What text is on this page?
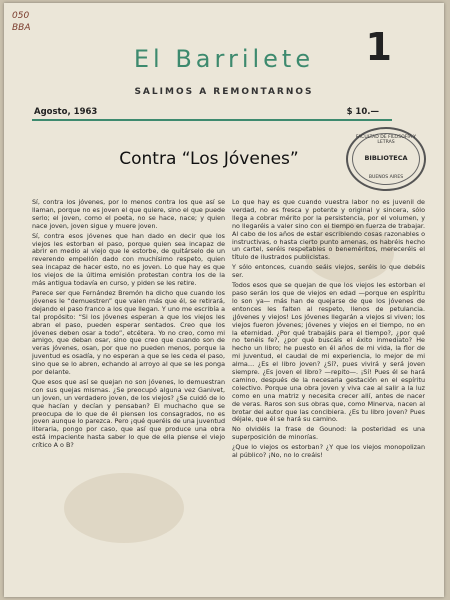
050
BBA
El Barrilete	1
SALIMOS A REMONTARNOS
Agosto, 1963	$ 10.—
FACULTAD DE FILOSOFÍA Y LETRAS
BIBLIOTECA
BUENOS AIRES
Contra “Los Jóvenes”

Sí, contra los jóvenes, por lo menos contra los que así se llaman, porque no es joven el que quiere, sino el que puede serlo; el joven, como el poeta, no se hace, nace; y quien nace joven, joven sigue y muere joven.

Sí, contra esos jóvenes que han dado en decir que los viejos les estorban el paso, porque quien sea incapaz de abrir en medio al viejo que le estorbe, de quitárselo de un reverendo empellón dado con muchísimo respeto, quien sea incapaz de hacer esto, no es joven. Lo que hay es que los viejos de la última emisión protestan contra los de la más antigua todavía en curso, y piden se les retire.

Parece ser que Fernández Bremón ha dicho que cuando los jóvenes le “demuestren” que valen más que él, se retirará, dejando el paso franco a los que llegan. Y uno me escribía a tal propósito: “Si los jóvenes esperan a que los viejos les abran el paso, pueden esperar sentados. Creo que los jóvenes deben osar a todo”, etcétera. Yo no creo, como mi amigo, que deban osar, sino que creo que cuando son de veras jóvenes, osan, por que no pueden menos, porque la juventud es osadía, y no esperan a que se les ceda el paso, sino que se lo abren, echando al arroyo al que se les ponga por delante.

Que esos que así se quejan no son jóvenes, lo demuestran con sus quejas mismas. ¿Se preocupó alguna vez Ganivet, un joven, un verdadero joven, de los viejos? ¿Se cuidó de lo que hacían y decían y pensaban? El muchacho que se preocupa de lo que de él piensen los consagrados, no es joven aunque lo parezca. Pero ¡qué queréis de una juventud literaria, pongo por caso, que así que produce una obra está impaciente hasta saber lo que de ella piense el viejo crítico A o B?

Lo que hay es que cuando vuestra labor no es juvenil de verdad, no es fresca y potente y original y sincera, sólo llega a cobrar mérito por la persistencia, por el volumen, y no llegaréis a valer sino con el tiempo en fuerza de trabajar. Al cabo de los años de estar escribiendo cosas razonables o instructivas, o hasta cierto punto amenas, os habréis hecho un cartel, seréis respetables o beneméritos, mereceréis el título de ilustrados publicistas.

Y sólo entonces, cuando seáis viejos, seréis lo que debéis ser.

Todos esos que se quejan de que los viejos les estorban el paso serán los que de viejos en edad —porque en espíritu lo son ya— más han de quejarse de que los jóvenes de entonces les falten al respeto, llenos de petulancia. ¡Jóvenes y viejos! Los jóvenes llegarán a viejos si viven; los viejos fueron jóvenes; jóvenes y viejos en el tiempo, no en la eternidad. ¿Por qué trabajáis para el tiempo?, ¿por qué no tenéis fe?, ¿por qué buscáis el éxito inmediato? He hecho un libro; he puesto en él años de mi vida, la flor de mi juventud, el caudal de mi experiencia, lo mejor de mi alma… ¿Es el libro joven? ¿Sí?, pues vivirá y será joven siempre. ¿Es joven el libro? —repito—. ¡Sí! Pues él se hará camino, después de la necesaria gestación en el espíritu colectivo. Porque una obra joven y viva cae al salir a la luz como en una matriz y necesita crecer allí, antes de nacer de veras. Raros son sus obras que, como Minerva, nacen al brotar del autor que las concibiera. ¿Es tu libro joven? Pues déjale, que él se hará su camino.

No olvidéis la frase de Gounod: la posteridad es una superposición de minorías.

¿Que lo viejos os estorban? ¿Y que los viejos monopolizan al público? ¡No, no lo creáis!
